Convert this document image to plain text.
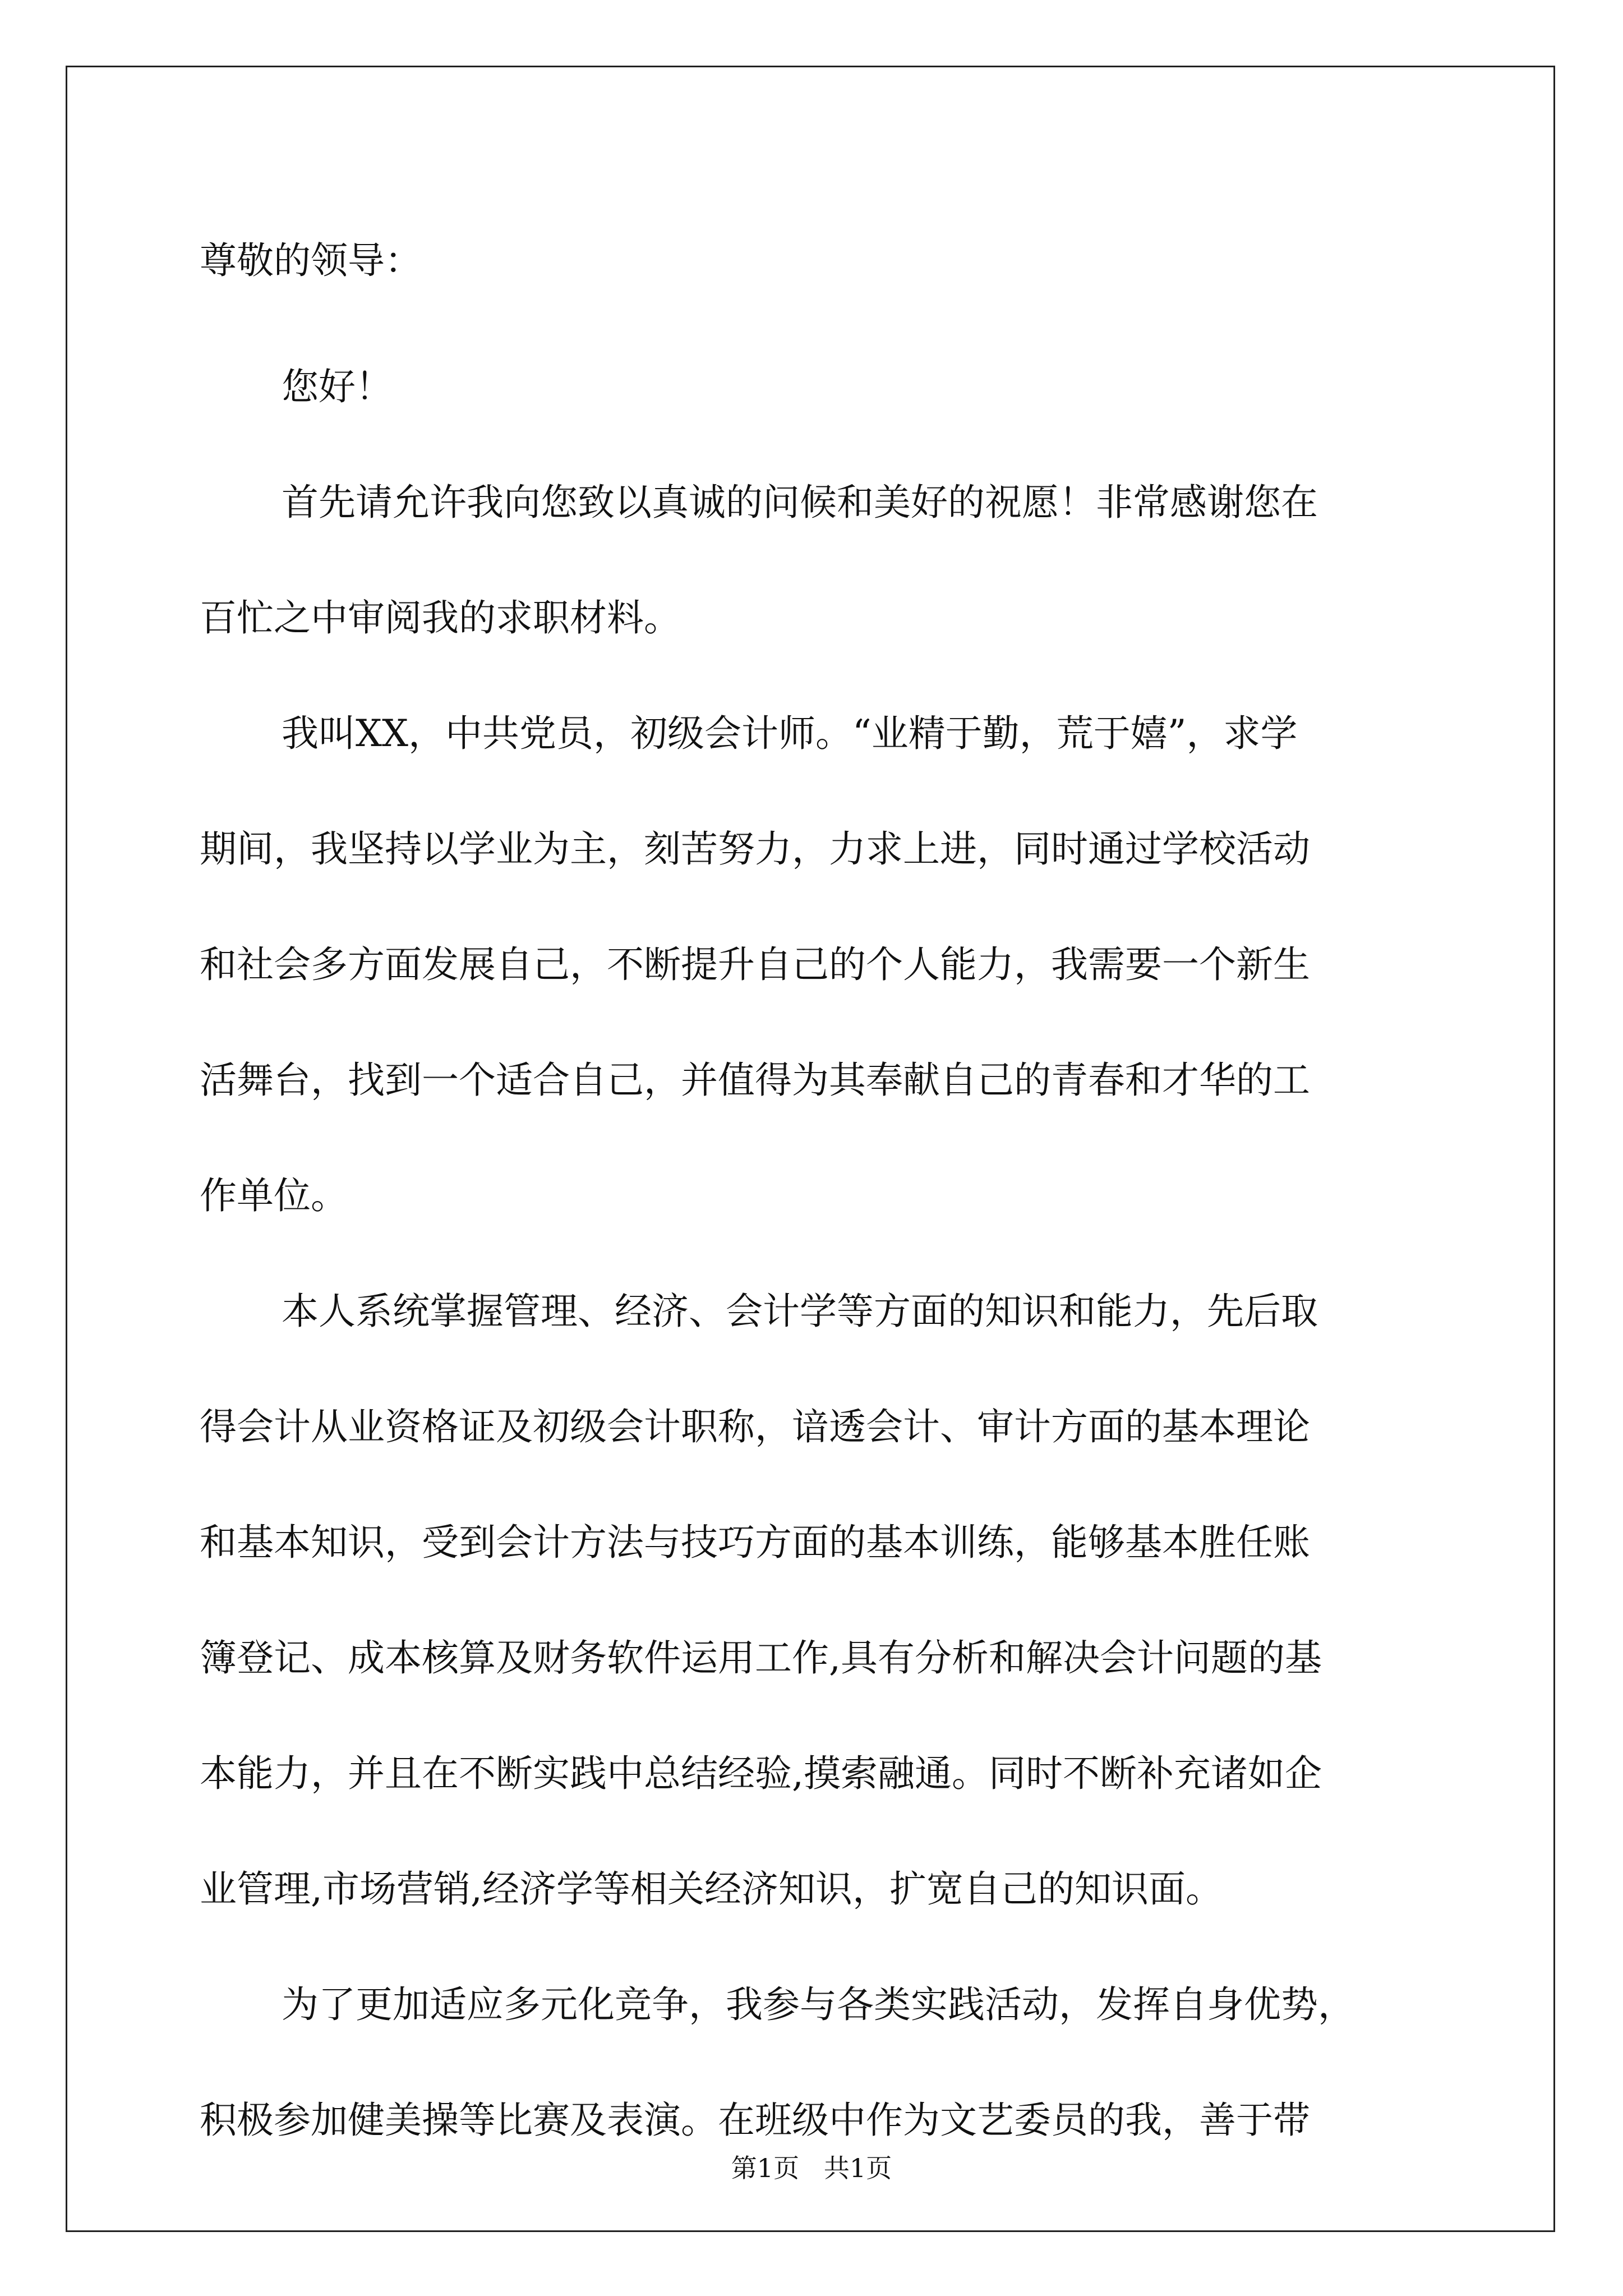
尊敬的领导：
您好！
首先请允许我向您致以真诚的问候和美好的祝愿！非常感谢您在
百忙之中审阅我的求职材料。
我叫XX，中共党员，初级会计师。“业精于勤，荒于嬉”，求学
期间，我坚持以学业为主，刻苦努力，力求上进，同时通过学校活动
和社会多方面发展自己，不断提升自己的个人能力，我需要一个新生
活舞台，找到一个适合自己，并值得为其奉献自己的青春和才华的工
作单位。
本人系统掌握管理、经济、会计学等方面的知识和能力，先后取
得会计从业资格证及初级会计职称，谙透会计、审计方面的基本理论
和基本知识，受到会计方法与技巧方面的基本训练，能够基本胜任账
簿登记、成本核算及财务软件运用工作,具有分析和解决会计问题的基
本能力，并且在不断实践中总结经验,摸索融通。同时不断补充诸如企
业管理,市场营销,经济学等相关经济知识，扩宽自己的知识面。
为了更加适应多元化竞争，我参与各类实践活动，发挥自身优势，
积极参加健美操等比赛及表演。在班级中作为文艺委员的我，善于带
第1页   共1页
